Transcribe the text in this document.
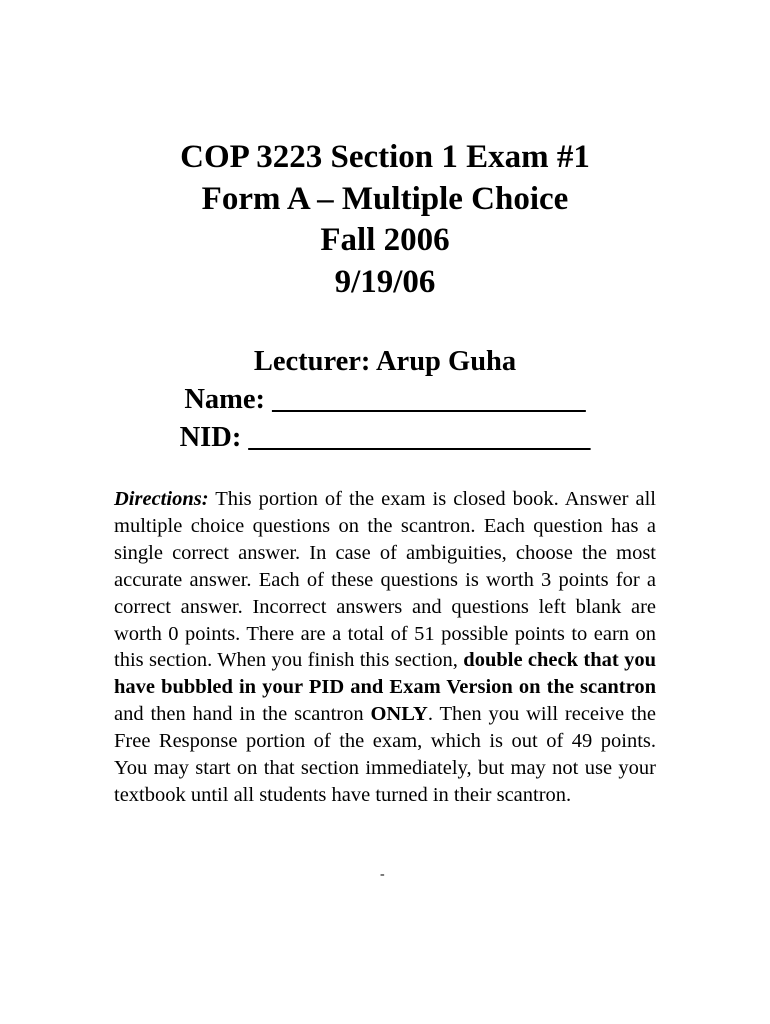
COP 3223 Section 1 Exam #1
Form A – Multiple Choice
Fall 2006
9/19/06
Lecturer: Arup Guha
Name: ______________________
NID: ________________________
Directions: This portion of the exam is closed book. Answer all multiple choice questions on the scantron. Each question has a single correct answer. In case of ambiguities, choose the most accurate answer. Each of these questions is worth 3 points for a correct answer. Incorrect answers and questions left blank are worth 0 points. There are a total of 51 possible points to earn on this section. When you finish this section, double check that you have bubbled in your PID and Exam Version on the scantron and then hand in the scantron ONLY. Then you will receive the Free Response portion of the exam, which is out of 49 points. You may start on that section immediately, but may not use your textbook until all students have turned in their scantron.
-
